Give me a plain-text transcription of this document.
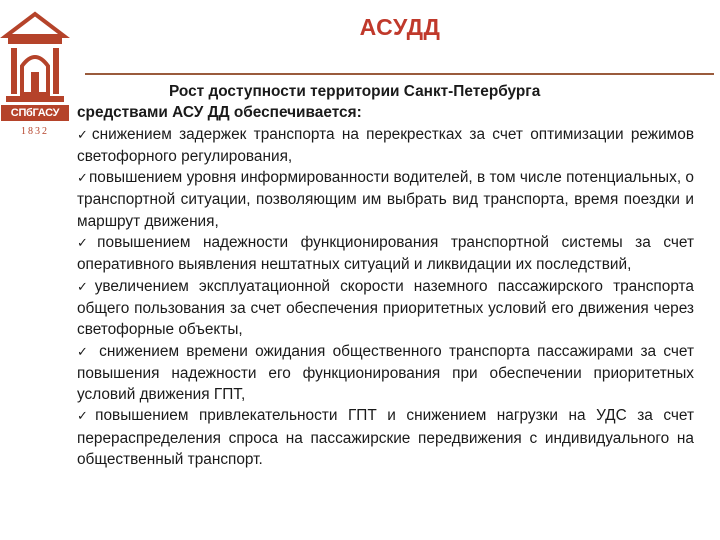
СПбГАСУ
1832
АСУДД

Рост доступности территории Санкт-Петербурга
средствами АСУ ДД обеспечивается:

✓снижением задержек транспорта на перекрестках за счет оптимизации режимов светофорного регулирования,

✓повышением уровня информированности водителей, в том числе потенциальных, о транспортной ситуации, позволяющим им выбрать вид транспорта, время поездки и маршрут движения,

✓повышением надежности функционирования транспортной системы за счет оперативного выявления нештатных ситуаций и ликвидации их последствий,

✓увеличением эксплуатационной скорости наземного пассажирского транспорта общего пользования за счет обеспечения приоритетных условий его движения через светофорные объекты,

✓ снижением времени ожидания общественного транспорта пассажирами за счет повышения надежности его функционирования при обеспечении приоритетных условий движения ГПТ,

✓повышением привлекательности ГПТ и снижением нагрузки на УДС за счет перераспределения спроса на пассажирские передвижения с индивидуального на общественный транспорт.
